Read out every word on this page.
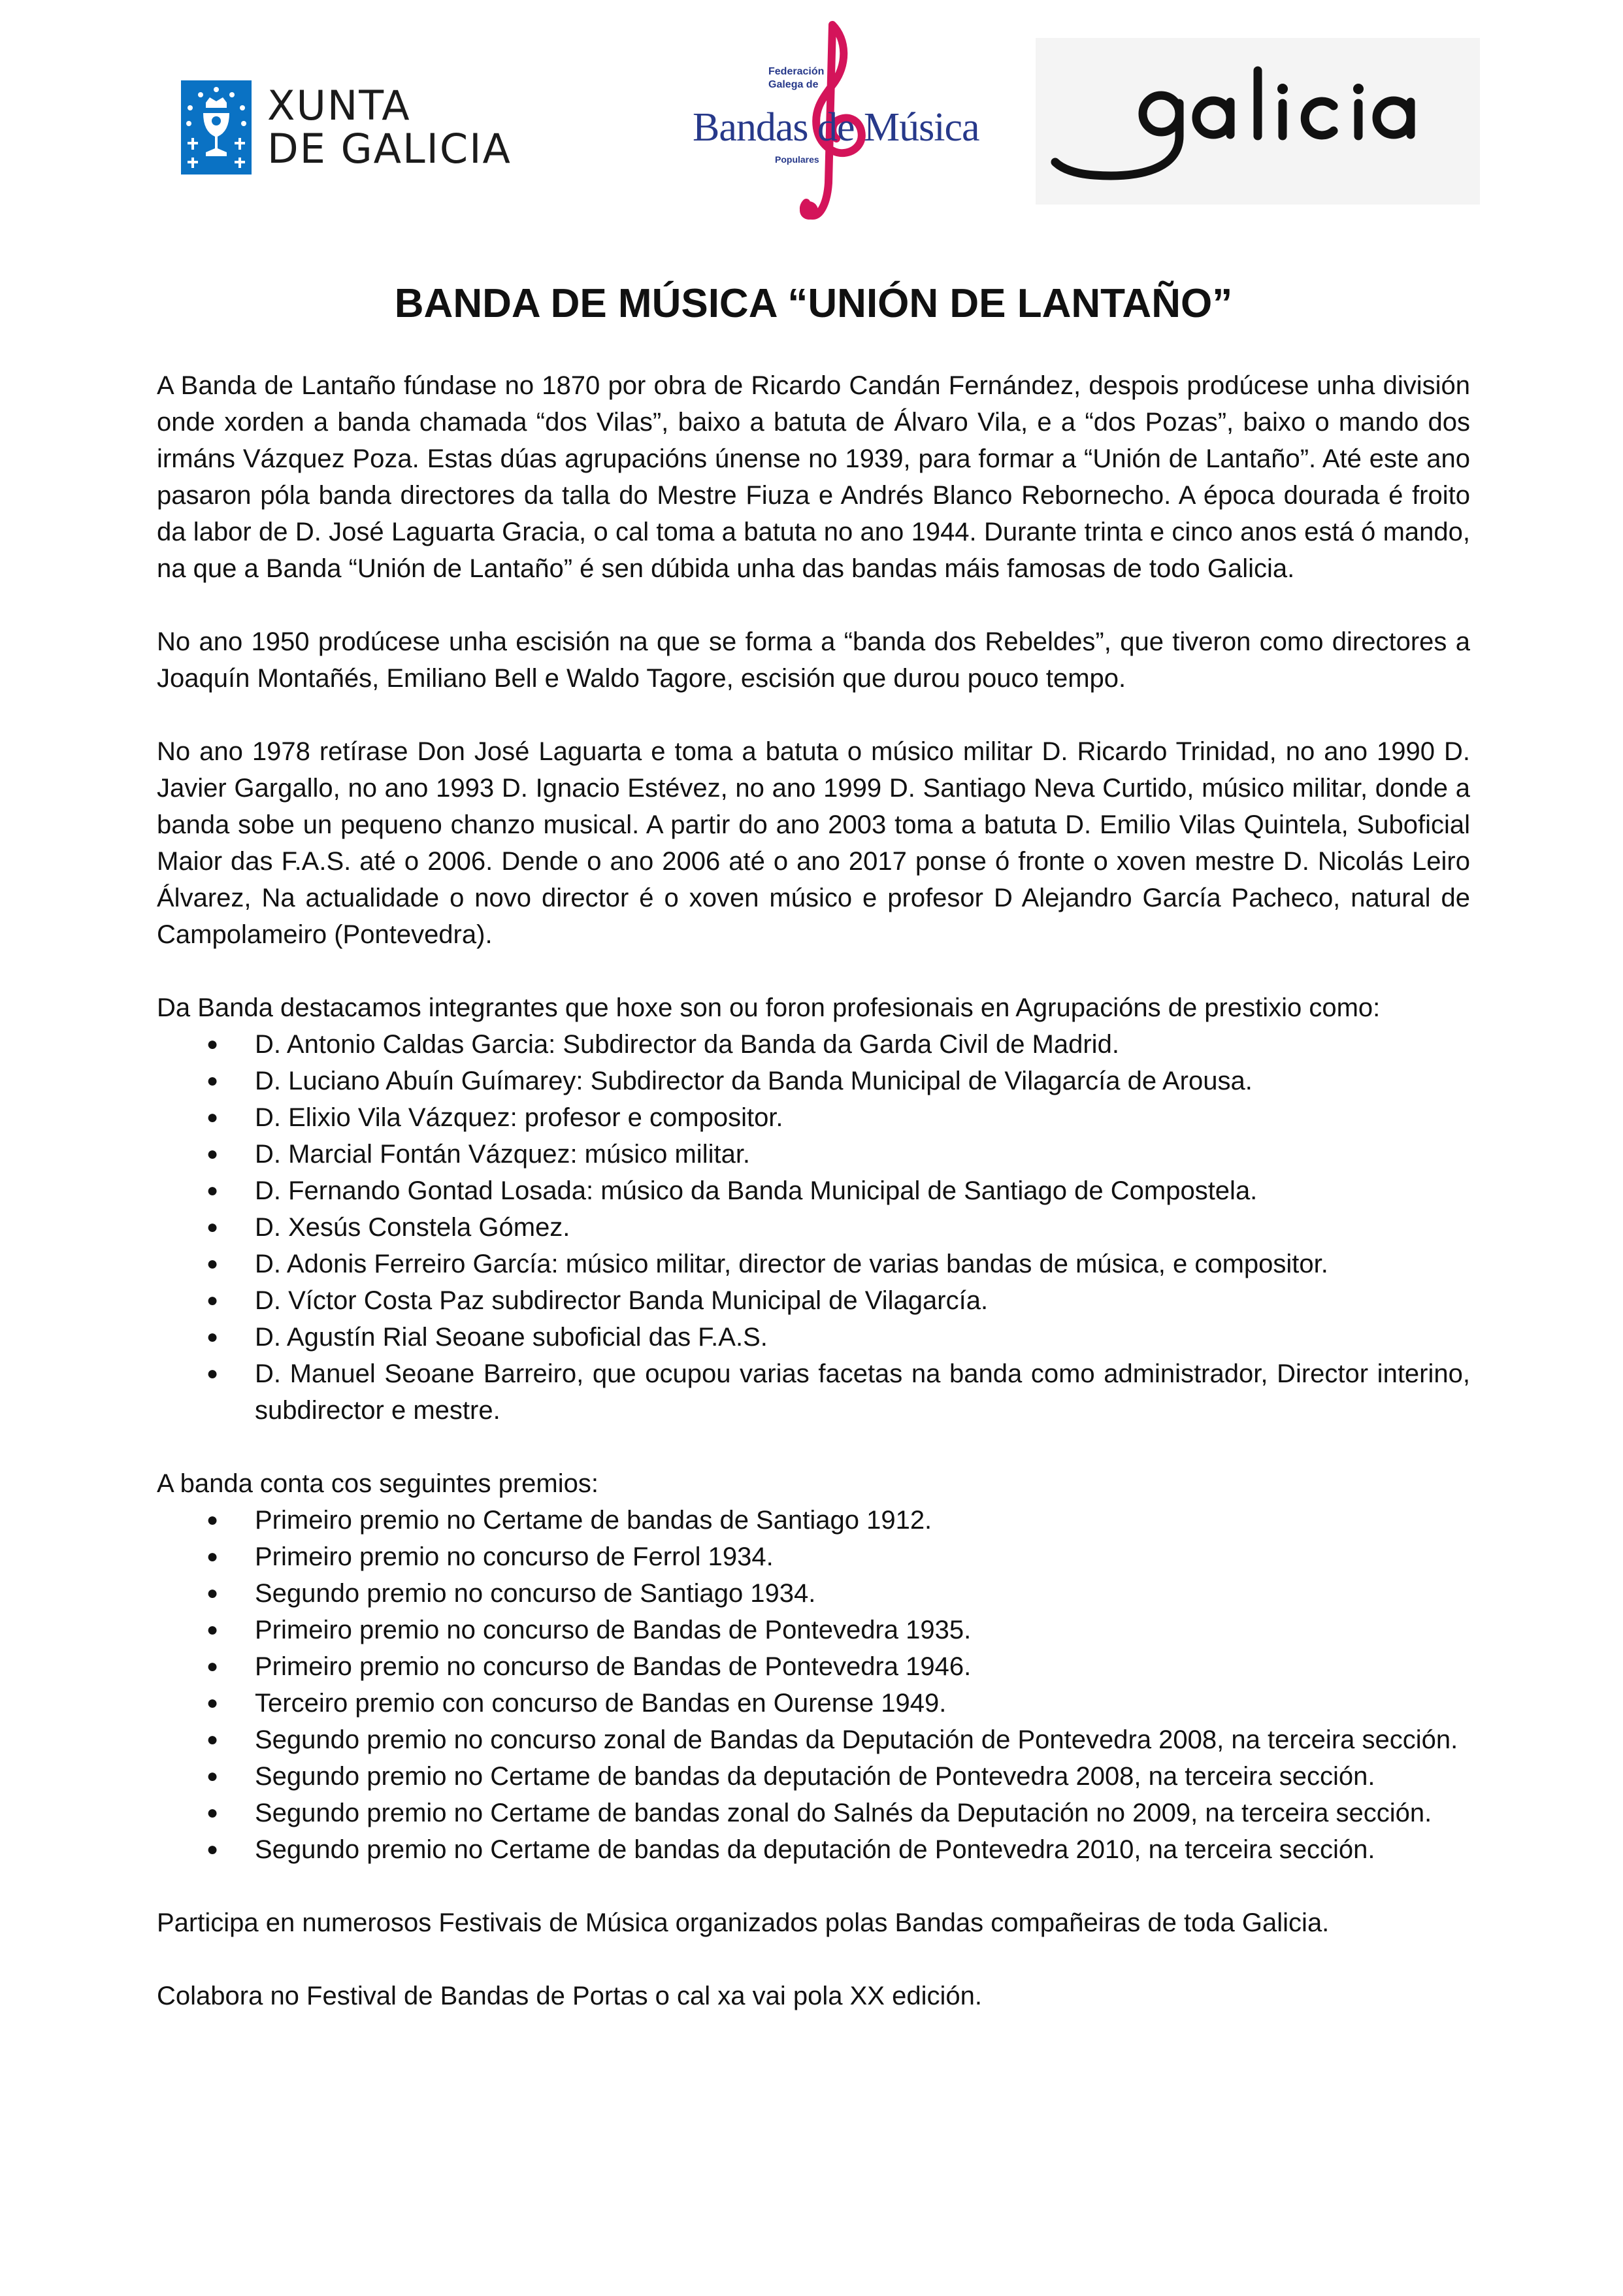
XUNTA
DE GALICIA
Federación
Galega de
Bandas de Música
Populares
BANDA DE MÚSICA “UNIÓN DE LANTAÑO”

A Banda de Lantaño fúndase no 1870 por obra de Ricardo Candán Fernández, despois prodúcese unha división onde xorden a banda chamada “dos Vilas”, baixo a batuta de Álvaro Vila, e a “dos Pozas”, baixo o mando dos irmáns Vázquez Poza. Estas dúas agrupacións únense no 1939, para formar a “Unión de Lantaño”. Até este ano pasaron póla banda directores da talla do Mestre Fiuza e Andrés Blanco Rebornecho. A época dourada é froito da labor de D. José Laguarta Gracia, o cal toma a batuta no ano 1944. Durante trinta e cinco anos está ó mando, na que a Banda “Unión de Lantaño” é sen dúbida unha das bandas máis famosas de todo Galicia.

No ano 1950 prodúcese unha escisión na que se forma a “banda dos Rebeldes”, que tiveron como directores a Joaquín Montañés, Emiliano Bell e Waldo Tagore, escisión que durou pouco tempo.

No ano 1978 retírase Don José Laguarta e toma a batuta o músico militar D. Ricardo Trinidad, no ano 1990 D. Javier Gargallo, no ano 1993 D. Ignacio Estévez, no ano 1999 D. Santiago Neva Curtido, músico militar, donde a banda sobe un pequeno chanzo musical. A partir do ano 2003 toma a batuta D. Emilio Vilas Quintela, Suboficial Maior das F.A.S. até o 2006. Dende o ano 2006 até o ano 2017 ponse ó fronte o xoven mestre D. Nicolás Leiro Álvarez, Na actualidade o novo director é o xoven músico e profesor D Alejandro García Pacheco, natural de Campolameiro (Pontevedra).

Da Banda destacamos integrantes que hoxe son ou foron profesionais en Agrupacións de prestixio como:

● D. Antonio Caldas Garcia: Subdirector da Banda da Garda Civil de Madrid.
● D. Luciano Abuín Guímarey: Subdirector da Banda Municipal de Vilagarcía de Arousa.
● D. Elixio Vila Vázquez: profesor e compositor.
● D. Marcial Fontán Vázquez: músico militar.
● D. Fernando Gontad Losada: músico da Banda Municipal de Santiago de Compostela.
● D. Xesús Constela Gómez.
● D. Adonis Ferreiro García: músico militar, director de varias bandas de música, e compositor.
● D. Víctor Costa Paz subdirector Banda Municipal de Vilagarcía.
● D. Agustín Rial Seoane suboficial das F.A.S.
● D. Manuel Seoane Barreiro, que ocupou varias facetas na banda como administrador, Director interino, subdirector e mestre.

A banda conta cos seguintes premios:

● Primeiro premio no Certame de bandas de Santiago 1912.
● Primeiro premio no concurso de Ferrol 1934.
● Segundo premio no concurso de Santiago 1934.
● Primeiro premio no concurso de Bandas de Pontevedra 1935.
● Primeiro premio no concurso de Bandas de Pontevedra 1946.
● Terceiro premio con concurso de Bandas en Ourense 1949.
● Segundo premio no concurso zonal de Bandas da Deputación de Pontevedra 2008, na terceira sección.
● Segundo premio no Certame de bandas da deputación de Pontevedra 2008, na terceira sección.
● Segundo premio no Certame de bandas zonal do Salnés da Deputación no 2009, na terceira sección.
● Segundo premio no Certame de bandas da deputación de Pontevedra 2010, na terceira sección.

Participa en numerosos Festivais de Música organizados polas Bandas compañeiras de toda Galicia.

Colabora no Festival de Bandas de Portas o cal xa vai pola XX edición.
